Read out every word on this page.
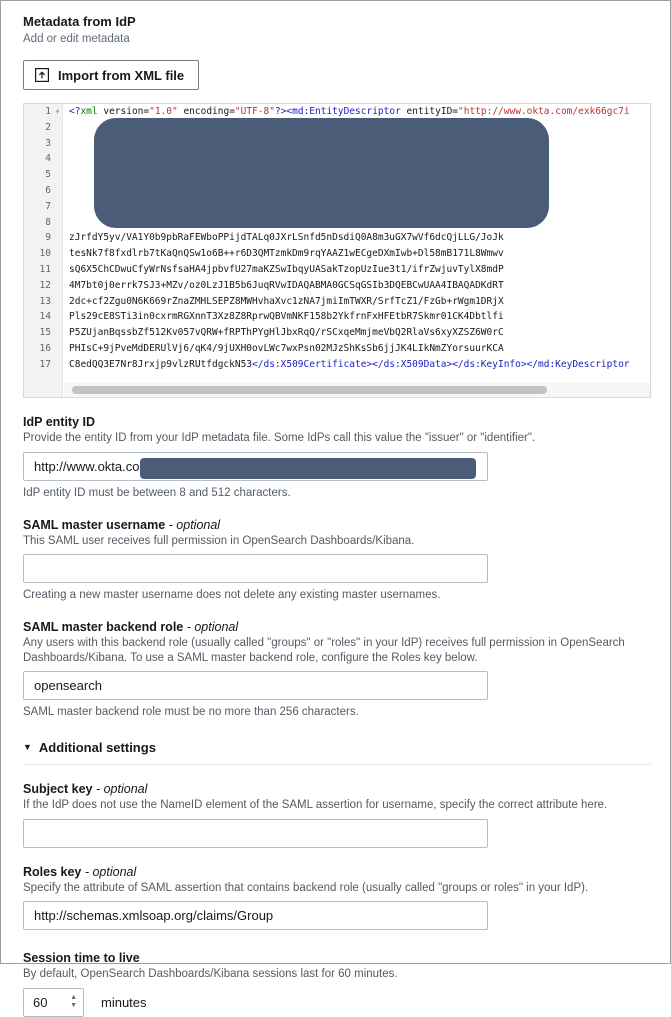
Metadata from IdP
Add or edit metadata
Import from XML file
1 ▾
2
3
4
5
6
7
8
9
10
11
12
13
14
15
16
17
<?xml version="1.0" encoding="UTF-8"?><md:EntityDescriptor entityID="http://www.okta.com/exk66gc7i

zJrfdY5yv/VA1Y0b9pbRaFEWboPPijdTALq0JXrLSnfd5nDsdiQ0A8m3uGX7wVf6dcQjLLG/JoJk
tesNk7f8fxdlrb7tKaQnQSw1o6B++r6D3QMTzmkDm9rqYAAZ1wECgeDXmIwb+Dl58mB171L8Wmwv
sQ6X5ChCDwuCfyWrNsfsaHA4jpbvfU27maKZSwIbqyUASakTzopUzIue3t1/ifrZwjuvTylX8mdP
4M7bt0j0errk7SJ3+MZv/oz0LzJ1B5b6JuqRVwIDAQABMA0GCSqGSIb3DQEBCwUAA4IBAQADKdRT
2dc+cf2Zgu0N6K669rZnaZMHLSEPZ8MWHvhaXvc1zNA7jmiImTWXR/SrfTcZ1/FzGb+rWgm1DRjX
Pls29cE8STi3in0cxrmRGXnnT3Xz8Z8RprwQBVmNKF158b2YkfrnFxHFEtbR7Skmr01CK4Dbtlfi
P5ZUjanBqssbZf512Kv057vQRW+fRPThPYgHlJbxRqQ/rSCxqeMmjmeVbQ2RlaVs6xyXZSZ6W0rC
PHIsC+9jPveMdDERUlVj6/qK4/9jUXH0ovLWc7wxPsn02MJzShKsSb6jjJK4LIkNmZYorsuurKCA
C8edQQ3E7Nr8Jrxjp9vlzRUtfdgckN53</ds:X509Certificate></ds:X509Data></ds:KeyInfo></md:KeyDescriptor
IdP entity ID
Provide the entity ID from your IdP metadata file. Some IdPs call this value the "issuer" or "identifier".
http://www.okta.com/
IdP entity ID must be between 8 and 512 characters.
SAML master username - optional
This SAML user receives full permission in OpenSearch Dashboards/Kibana.
Creating a new master username does not delete any existing master usernames.
SAML master backend role - optional
Any users with this backend role (usually called "groups" or "roles" in your IdP) receives full permission in OpenSearch Dashboards/Kibana. To use a SAML master backend role, configure the Roles key below.
opensearch
SAML master backend role must be no more than 256 characters.
▼ Additional settings
Subject key - optional
If the IdP does not use the NameID element of the SAML assertion for username, specify the correct attribute here.
Roles key - optional
Specify the attribute of SAML assertion that contains backend role (usually called "groups or roles" in your IdP).
http://schemas.xmlsoap.org/claims/Group
Session time to live
By default, OpenSearch Dashboards/Kibana sessions last for 60 minutes.
60
▲
▼ minutes
